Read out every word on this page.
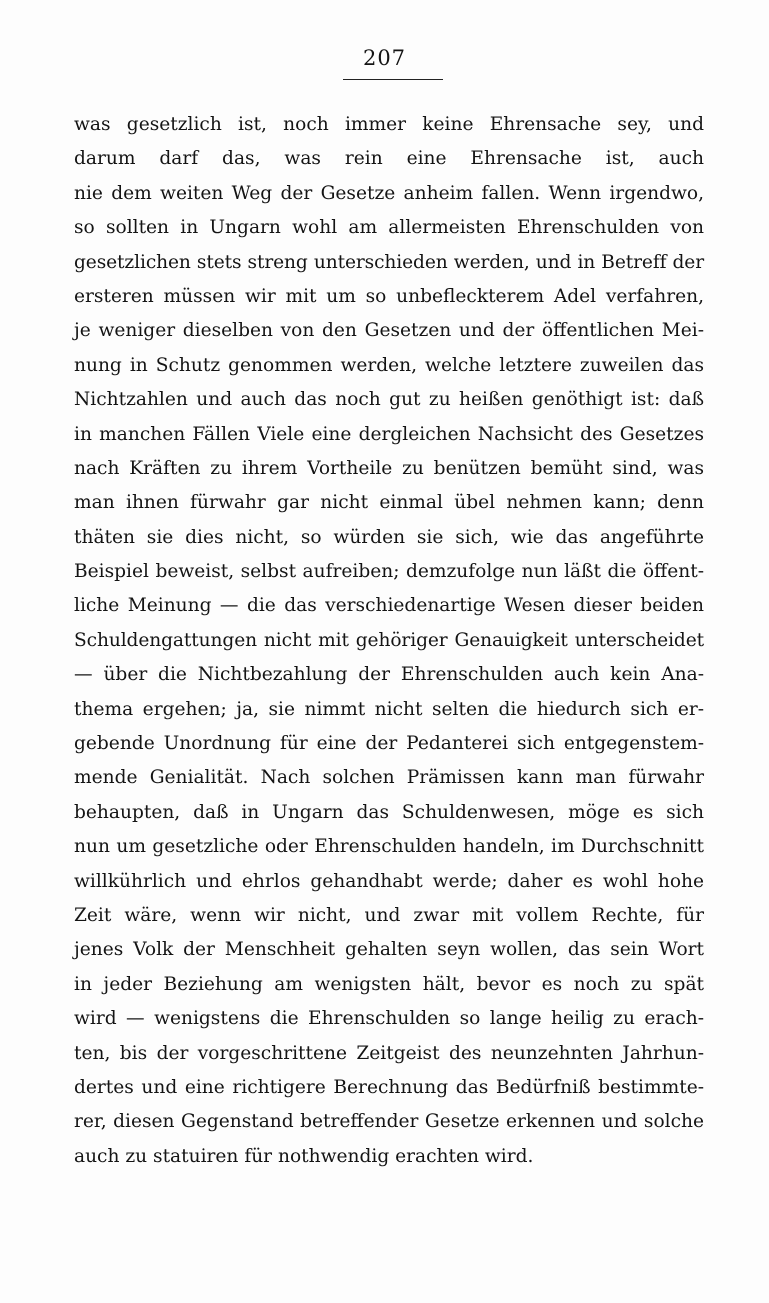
207
was gesetzlich ist, noch immer keine Ehrensache sey, und
darum darf das, was rein eine Ehrensache ist, auch
nie dem weiten Weg der Gesetze anheim fallen. Wenn irgendwo,
so sollten in Ungarn wohl am allermeisten Ehrenschulden von
gesetzlichen stets streng unterschieden werden, und in Betreff der
ersteren müssen wir mit um so unbefleckterem Adel verfahren,
je weniger dieselben von den Gesetzen und der öffentlichen Mei-
nung in Schutz genommen werden, welche letztere zuweilen das
Nichtzahlen und auch das noch gut zu heißen genöthigt ist: daß
in manchen Fällen Viele eine dergleichen Nachsicht des Gesetzes
nach Kräften zu ihrem Vortheile zu benützen bemüht sind, was
man ihnen fürwahr gar nicht einmal übel nehmen kann; denn
thäten sie dies nicht, so würden sie sich, wie das angeführte
Beispiel beweist, selbst aufreiben; demzufolge nun läßt die öffent-
liche Meinung — die das verschiedenartige Wesen dieser beiden
Schuldengattungen nicht mit gehöriger Genauigkeit unterscheidet
— über die Nichtbezahlung der Ehrenschulden auch kein Ana-
thema ergehen; ja, sie nimmt nicht selten die hiedurch sich er-
gebende Unordnung für eine der Pedanterei sich entgegenstem-
mende Genialität. Nach solchen Prämissen kann man fürwahr
behaupten, daß in Ungarn das Schuldenwesen, möge es sich
nun um gesetzliche oder Ehrenschulden handeln, im Durchschnitt
willkührlich und ehrlos gehandhabt werde; daher es wohl hohe
Zeit wäre, wenn wir nicht, und zwar mit vollem Rechte, für
jenes Volk der Menschheit gehalten seyn wollen, das sein Wort
in jeder Beziehung am wenigsten hält, bevor es noch zu spät
wird — wenigstens die Ehrenschulden so lange heilig zu erach-
ten, bis der vorgeschrittene Zeitgeist des neunzehnten Jahrhun-
dertes und eine richtigere Berechnung das Bedürfniß bestimmte-
rer, diesen Gegenstand betreffender Gesetze erkennen und solche
auch zu statuiren für nothwendig erachten wird.
